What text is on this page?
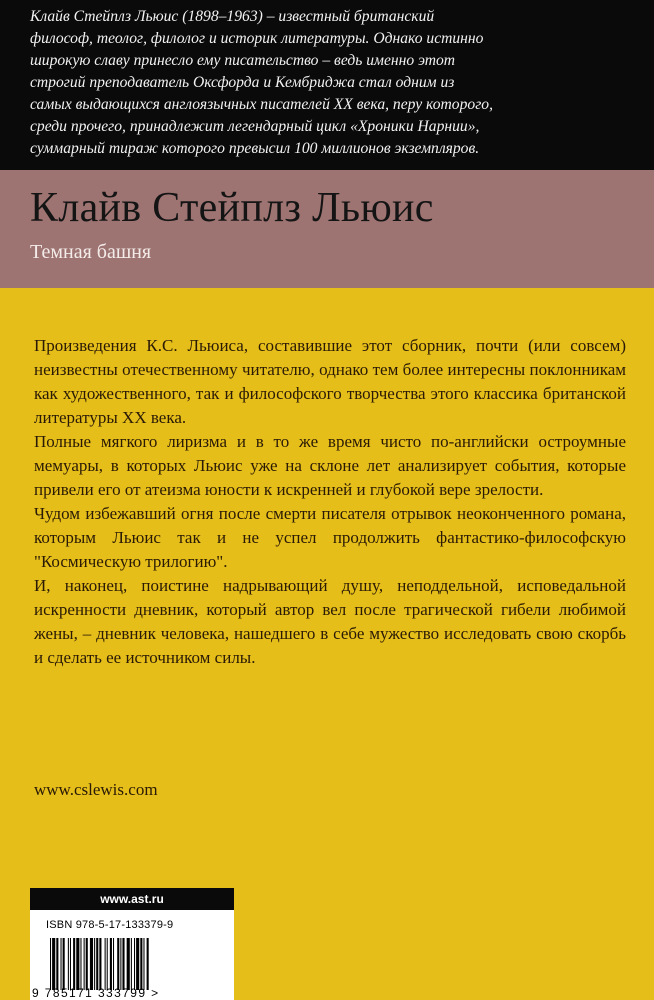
Клайв Стейплз Льюис (1898–1963) – известный британский

философ, теолог, филолог и историк литературы. Однако истинно

широкую славу принесло ему писательство – ведь именно этот

строгий преподаватель Оксфорда и Кембриджа стал одним из

самых выдающихся англоязычных писателей XX века, перу которого,

среди прочего, принадлежит легендарный цикл «Хроники Нарнии»,

суммарный тираж которого превысил 100 миллионов экземпляров.

Клайв Стейплз Льюис
Темная башня

Произведения К.С. Льюиса, составившие этот сборник, почти (или совсем) неизвестны отечественному читателю, однако тем более интересны поклонникам как художественного, так и философского творчества этого классика британской литературы XX века.

Полные мягкого лиризма и в то же время чисто по-английски остроумные мемуары, в которых Льюис уже на склоне лет анализирует события, которые привели его от атеизма юности к искренней и глубокой вере зрелости.

Чудом избежавший огня после смерти писателя отрывок неоконченного романа, которым Льюис так и не успел продолжить фантастико-философскую "Космическую трилогию".

И, наконец, поистине надрывающий душу, неподдельной, исповедальной искренности дневник, который автор вел после трагической гибели любимой жены, – дневник человека, нашедшего в себе мужество исследовать свою скорбь и сделать ее источником силы.

www.cslewis.com
www.ast.ru
ISBN 978-5-17-133379-9
9 785171 333799 >
